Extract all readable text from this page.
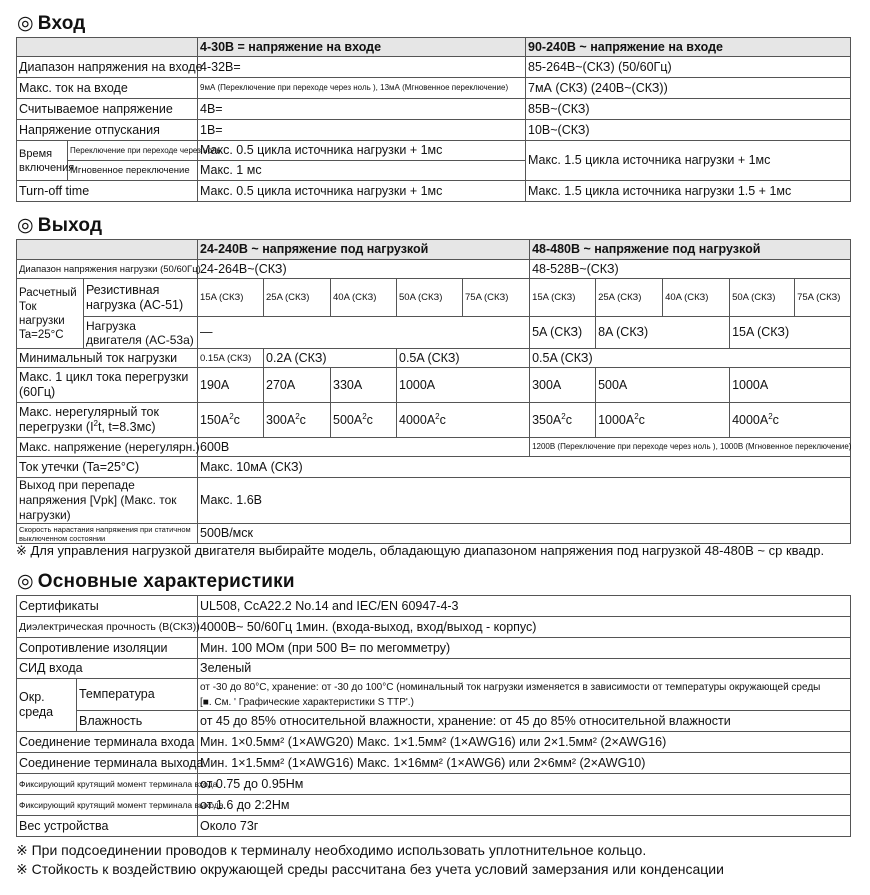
◎ Вход
		4-30В = напряжение на входе	90-240В ~ напряжение на входе
Диапазон напряжения на входе		4-32В=	85-264В~(СКЗ) (50/60Гц)
Макс. ток на входе		9мА (Переключение при переходе через ноль ), 13мА (Мгновенное переключение)	7мА (СКЗ) (240В~(СКЗ))
Считываемое напряжение		4В=	85В~(СКЗ)
Напряжение отпускания		1В=	10В~(СКЗ)
Время включения	Переключение при переходе через ноль	Макс. 0.5 цикла источника нагрузки + 1мс	Макс. 1.5 цикла источника нагрузки + 1мс
	Мгновенное переключение	Макс. 1 мс	
Turn-off time		Макс. 0.5 цикла источника нагрузки + 1мс	Макс. 1.5 цикла источника нагрузки 1.5 + 1мс
◎ Выход
		24-240В ~ напряжение под нагрузкой					48-480В ~ напряжение под нагрузкой				
Диапазон напряжения нагрузки (50/60Гц)		24-264В~(СКЗ)					48-528В~(СКЗ)				
Расчетный Ток нагрузки Ta=25°C	Резистивная нагрузка (AC-51)	15A (СКЗ)	25A (СКЗ)	40A (СКЗ)	50A (СКЗ)	75A (СКЗ)	15A (СКЗ)	25A (СКЗ)	40A (СКЗ)	50A (СКЗ)	75A (СКЗ)
	Нагрузка двигателя (AC-53a)	—					5A (СКЗ)	8A (СКЗ)		15A (СКЗ)	
Минимальный ток нагрузки		0.15A (СКЗ)	0.2A (СКЗ)		0.5A (СКЗ)		0.5A (СКЗ)				
Макс. 1 цикл тока перегрузки (60Гц)		190A	270A	330A	1000A		300A	500A		1000A	
Макс. нерегулярный ток перегрузки ($I^2t$, t=8.3мс)		$150A^2с$	$300A^2с$	$500A^2с$	$4000A^2с$		$350A^2с$	$1000A^2с$		$4000A^2с$	
Макс. напряжение (нерегулярн.)		600В					1200В (Переключение при переходе через ноль ), 1000В (Мгновенное переключение)				
Ток утечки (Ta=25°C)		Макс. 10мА (СКЗ)									
Выход при перепаде напряжения [Vpk] (Макс. ток нагрузки)		Макс. 1.6В									
Скорость нарастания напряжения при статичном выключенном состоянии		500В/мск									
※ Для управления нагрузкой двигателя выбирайте модель, обладающую диапазоном напряжения под нагрузкой 48-480В ~ ср квадр.
◎ Основные характеристики
Сертификаты		UL508, CcA22.2 No.14 and IEC/EN 60947-4-3
Диэлектрическая прочность (В(СКЗ))		4000В~ 50/60Гц 1мин. (входа-выход, вход/выход - корпус)
Сопротивление изоляции		Мин. 100 МОм (при 500 В= по мегомметру)
СИД входа		Зеленый
Окр. среда	Температура	от -30 до 80°C, хранение: от -30 до 100°C (номинальный ток нагрузки изменяется в зависимости от температуры окружающей среды
[■. См. ' Графические характеристики S TTP'.)

	Влажность	от 45 до 85% относительной влажности, хранение: от 45 до 85% относительной влажности
Соединение терминала входа		Мин. 1×0.5мм² (1×AWG20) Макс. 1×1.5мм² (1×AWG16) или 2×1.5мм² (2×AWG16)
Соединение терминала выхода		Мин. 1×1.5мм² (1×AWG16) Макс. 1×16мм² (1×AWG6) или 2×6мм² (2×AWG10)
Фиксирующий крутящий момент терминала входа		от 0.75 до 0.95Нм
Фиксирующий крутящий момент терминала выхода		от 1.6 до 2:2Нм
Вес устройства		Около 73г
※ При подсоединении проводов к терминалу необходимо использовать уплотнительное кольцо.
※ Стойкость к воздействию окружающей среды рассчитана без учета условий замерзания или конденсации
